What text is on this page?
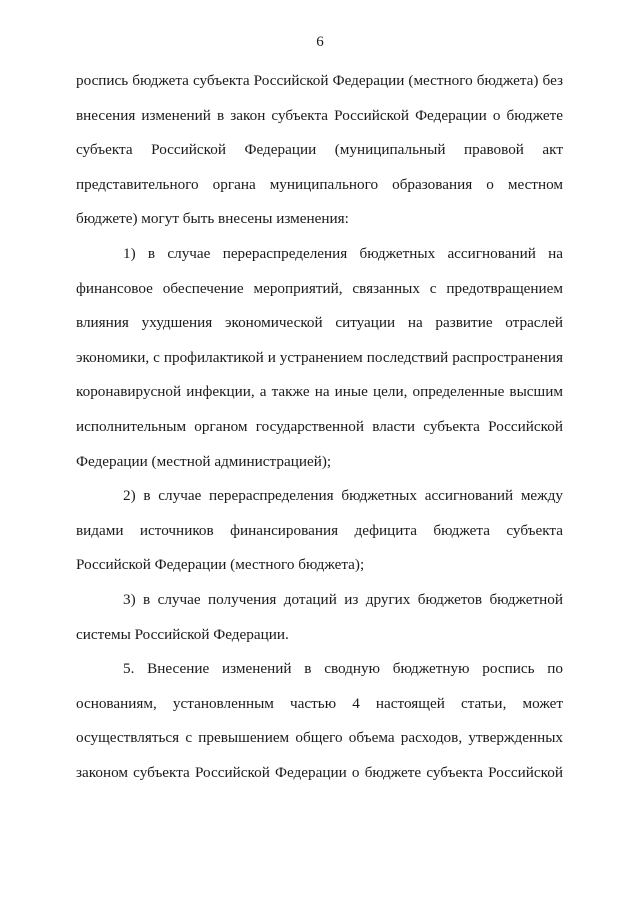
6
роспись бюджета субъекта Российской Федерации (местного бюджета) без
внесения изменений в закон субъекта Российской Федерации о бюджете
субъекта Российской Федерации (муниципальный правовой акт
представительного органа муниципального образования о местном
бюджете) могут быть внесены изменения:
1) в случае перераспределения бюджетных ассигнований на
финансовое обеспечение мероприятий, связанных с предотвращением
влияния ухудшения экономической ситуации на развитие отраслей
экономики, с профилактикой и устранением последствий распространения
коронавирусной инфекции, а также на иные цели, определенные высшим
исполнительным органом государственной власти субъекта Российской
Федерации (местной администрацией);
2) в случае перераспределения бюджетных ассигнований между
видами источников финансирования дефицита бюджета субъекта
Российской Федерации (местного бюджета);
3) в случае получения дотаций из других бюджетов бюджетной
системы Российской Федерации.
5. Внесение изменений в сводную бюджетную роспись по
основаниям, установленным частью 4 настоящей статьи, может
осуществляться с превышением общего объема расходов, утвержденных
законом субъекта Российской Федерации о бюджете субъекта Российской
